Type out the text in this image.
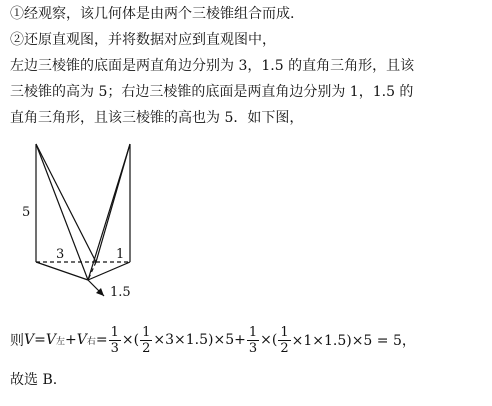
①经观察，该几何体是由两个三棱锥组合而成.
②还原直观图，并将数据对应到直观图中，
左边三棱锥的底面是两直角边分别为 3，1.5 的直角三角形，且该
三棱锥的高为 5；右边三棱锥的底面是两直角边分别为 1，1.5 的
直角三角形，且该三棱锥的高也为 5．如下图，
5
3	1
1.5
则 V = V 左 + V 右 = $\frac{1}{3}$ ×( $\frac{1}{2} \times 3\times 1.5)\times 5+ \frac{1}{3}$ ×( $\frac{1}{2} \times 1\times 1.5)\times 5 = 5$，
故选 B.
